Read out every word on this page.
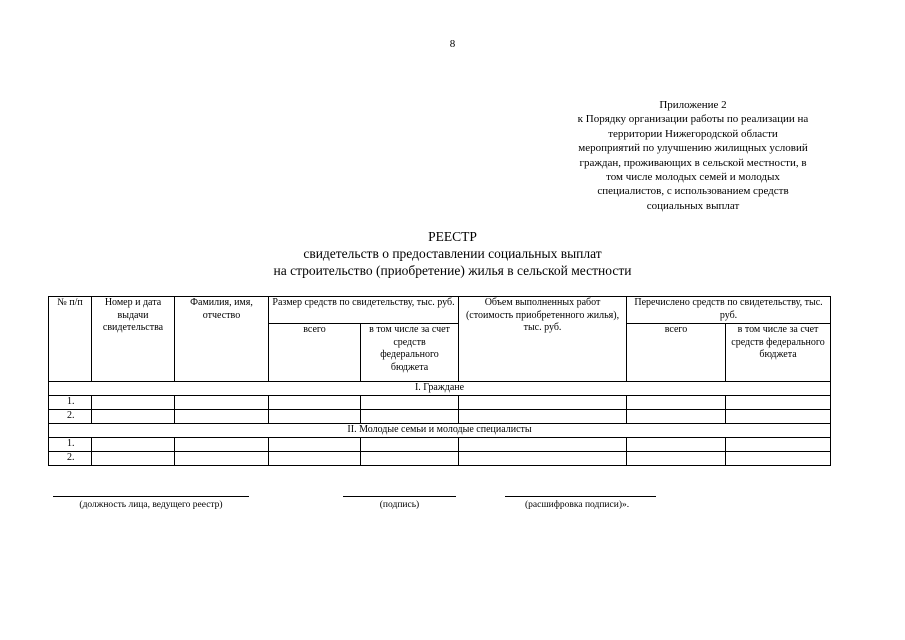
8
Приложение 2
к Порядку организации работы по реализации на
территории Нижегородской области
мероприятий по улучшению жилищных условий
граждан, проживающих в сельской местности, в
том числе молодых семей и молодых
специалистов, с использованием средств
социальных выплат
РЕЕСТР
свидетельств о предоставлении социальных выплат
на строительство (приобретение) жилья в сельской местности
№ п/п	Номер и дата выдачи свидетельства	Фамилия, имя, отчество	Размер средств по свидетельству, тыс. руб.		Объем выполненных работ (стоимость приобретенного жилья), тыс. руб.	Перечислено средств по свидетельству, тыс. руб.	
			всего	в том числе за счет средств федерального бюджета		всего	в том числе за счет средств федерального бюджета
I. Граждане							
1.							
2.							
II. Молодые семьи и молодые специалисты							
1.							
2.							
(должность лица, ведущего реестр)	(подпись)	(расшифровка подписи)».
